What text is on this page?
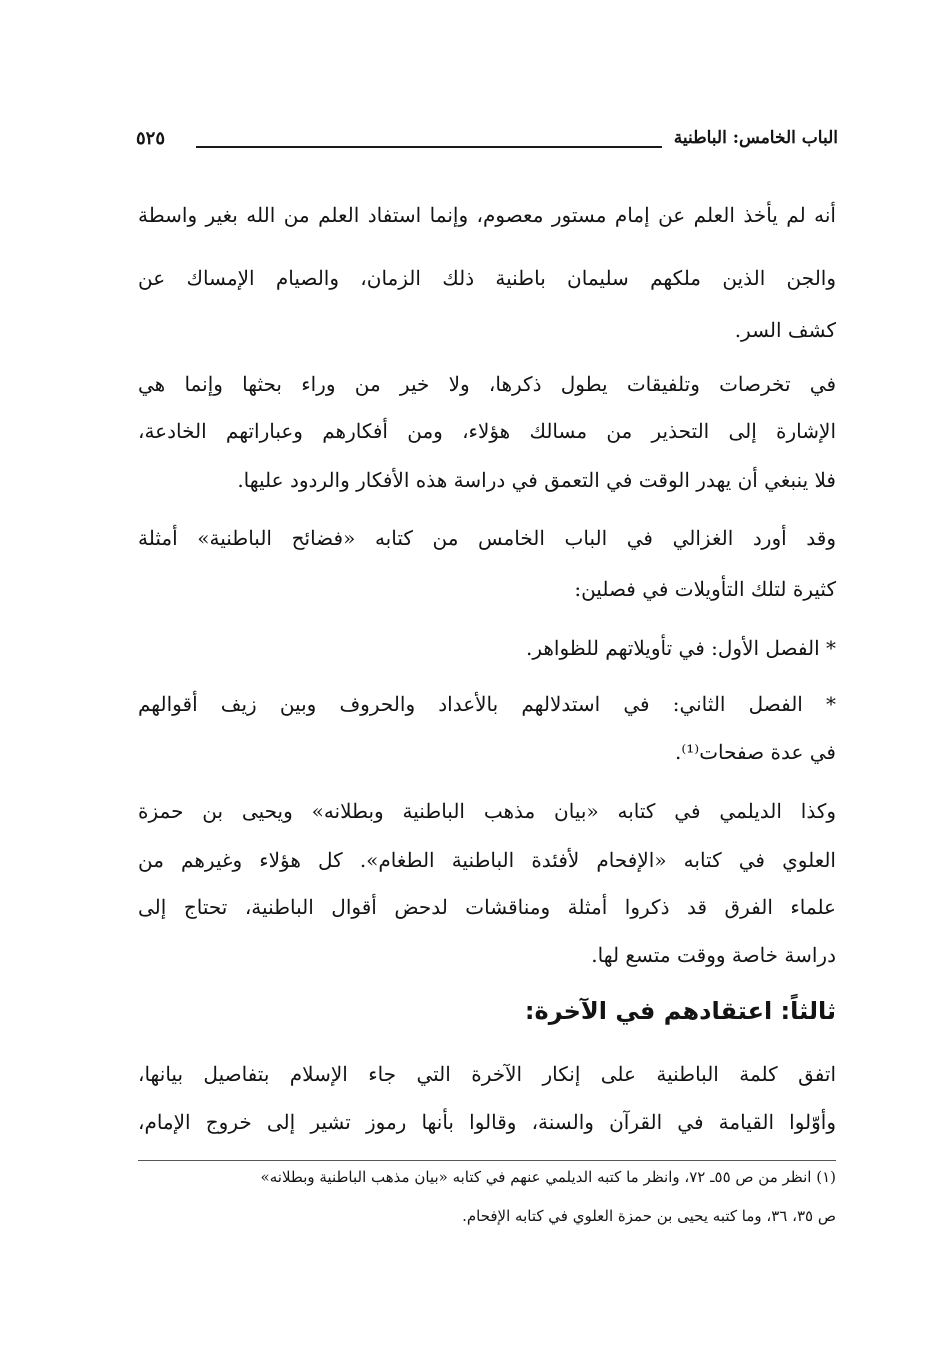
الباب الخامس: الباطنية
٥٢٥
أنه لم يأخذ العلم عن إمام مستور معصوم، وإنما استفاد العلم من الله بغير واسطة
والجن الذين ملكهم سليمان باطنية ذلك الزمان، والصيام الإمساك عن
كشف السر.
في تخرصات وتلفيقات يطول ذكرها، ولا خير من وراء بحثها وإنما هي
الإشارة إلى التحذير من مسالك هؤلاء، ومن أفكارهم وعباراتهم الخادعة،
فلا ينبغي أن يهدر الوقت في التعمق في دراسة هذه الأفكار والردود عليها.
وقد أورد الغزالي في الباب الخامس من كتابه «فضائح الباطنية» أمثلة
كثيرة لتلك التأويلات في فصلين:
* الفصل الأول: في تأويلاتهم للظواهر.
* الفصل الثاني: في استدلالهم بالأعداد والحروف وبين زيف أقوالهم
في عدة صفحات⁽¹⁾.
وكذا الديلمي في كتابه «بيان مذهب الباطنية وبطلانه» ويحيى بن حمزة
العلوي في كتابه «الإفحام لأفئدة الباطنية الطغام». كل هؤلاء وغيرهم من
علماء الفرق قد ذكروا أمثلة ومناقشات لدحض أقوال الباطنية، تحتاج إلى
دراسة خاصة ووقت متسع لها.
ثالثاً: اعتقادهم في الآخرة:
اتفق كلمة الباطنية على إنكار الآخرة التي جاء الإسلام بتفاصيل بيانها،
وأوّلوا القيامة في القرآن والسنة، وقالوا بأنها رموز تشير إلى خروج الإمام،
(١) انظر من ص ٥٥ـ ٧٢، وانظر ما كتبه الديلمي عنهم في كتابه «بيان مذهب الباطنية وبطلانه»
ص ٣٥، ٣٦، وما كتبه يحيى بن حمزة العلوي في كتابه الإفحام.
